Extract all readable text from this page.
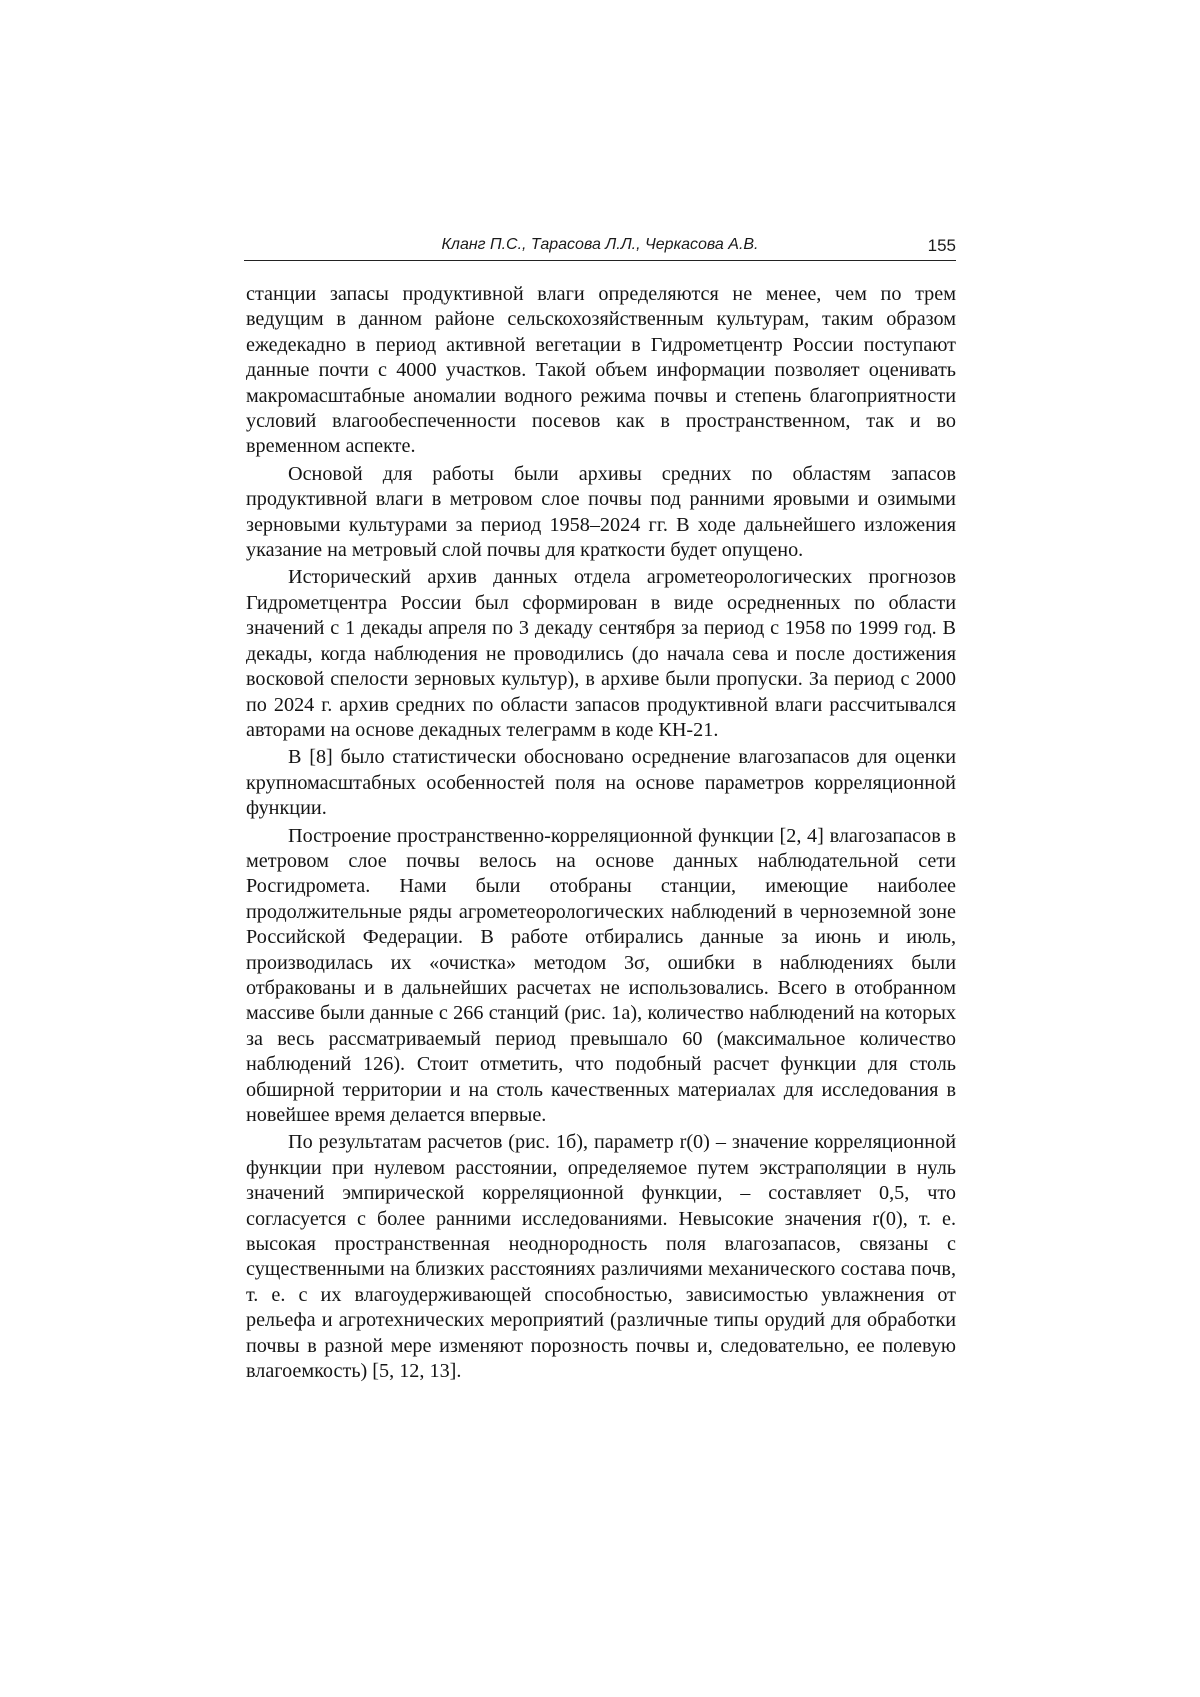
Кланг П.С., Тарасова Л.Л., Черкасова А.В.	155

станции запасы продуктивной влаги определяются не менее, чем по трем ведущим в данном районе сельскохозяйственным культурам, таким образом ежедекадно в период активной вегетации в Гидрометцентр России поступают данные почти с 4000 участков. Такой объем информации позволяет оценивать макромасштабные аномалии водного режима почвы и степень благоприятности условий влагообеспеченности посевов как в пространственном, так и во временном аспекте.

Основой для работы были архивы средних по областям запасов продуктивной влаги в метровом слое почвы под ранними яровыми и озимыми зерновыми культурами за период 1958–2024 гг. В ходе дальнейшего изложения указание на метровый слой почвы для краткости будет опущено.

Исторический архив данных отдела агрометеорологических прогнозов Гидрометцентра России был сформирован в виде осредненных по области значений с 1 декады апреля по 3 декаду сентября за период с 1958 по 1999 год. В декады, когда наблюдения не проводились (до начала сева и после достижения восковой спелости зерновых культур), в архиве были пропуски. За период с 2000 по 2024 г. архив средних по области запасов продуктивной влаги рассчитывался авторами на основе декадных телеграмм в коде КН-21.

В [8] было статистически обосновано осреднение влагозапасов для оценки крупномасштабных особенностей поля на основе параметров корреляционной функции.

Построение пространственно-корреляционной функции [2, 4] влагозапасов в метровом слое почвы велось на основе данных наблюдательной сети Росгидромета. Нами были отобраны станции, имеющие наиболее продолжительные ряды агрометеорологических наблюдений в черноземной зоне Российской Федерации. В работе отбирались данные за июнь и июль, производилась их «очистка» методом 3σ, ошибки в наблюдениях были отбракованы и в дальнейших расчетах не использовались. Всего в отобранном массиве были данные с 266 станций (рис. 1а), количество наблюдений на которых за весь рассматриваемый период превышало 60 (максимальное количество наблюдений 126). Стоит отметить, что подобный расчет функции для столь обширной территории и на столь качественных материалах для исследования в новейшее время делается впервые.

По результатам расчетов (рис. 1б), параметр r(0) – значение корреляционной функции при нулевом расстоянии, определяемое путем экстраполяции в нуль значений эмпирической корреляционной функции, – составляет 0,5, что согласуется с более ранними исследованиями. Невысокие значения r(0), т. е. высокая пространственная неоднородность поля влагозапасов, связаны с существенными на близких расстояниях различиями механического состава почв, т. е. с их влагоудерживающей способностью, зависимостью увлажнения от рельефа и агротехнических мероприятий (различные типы орудий для обработки почвы в разной мере изменяют порозность почвы и, следовательно, ее полевую влагоемкость) [5, 12, 13].
